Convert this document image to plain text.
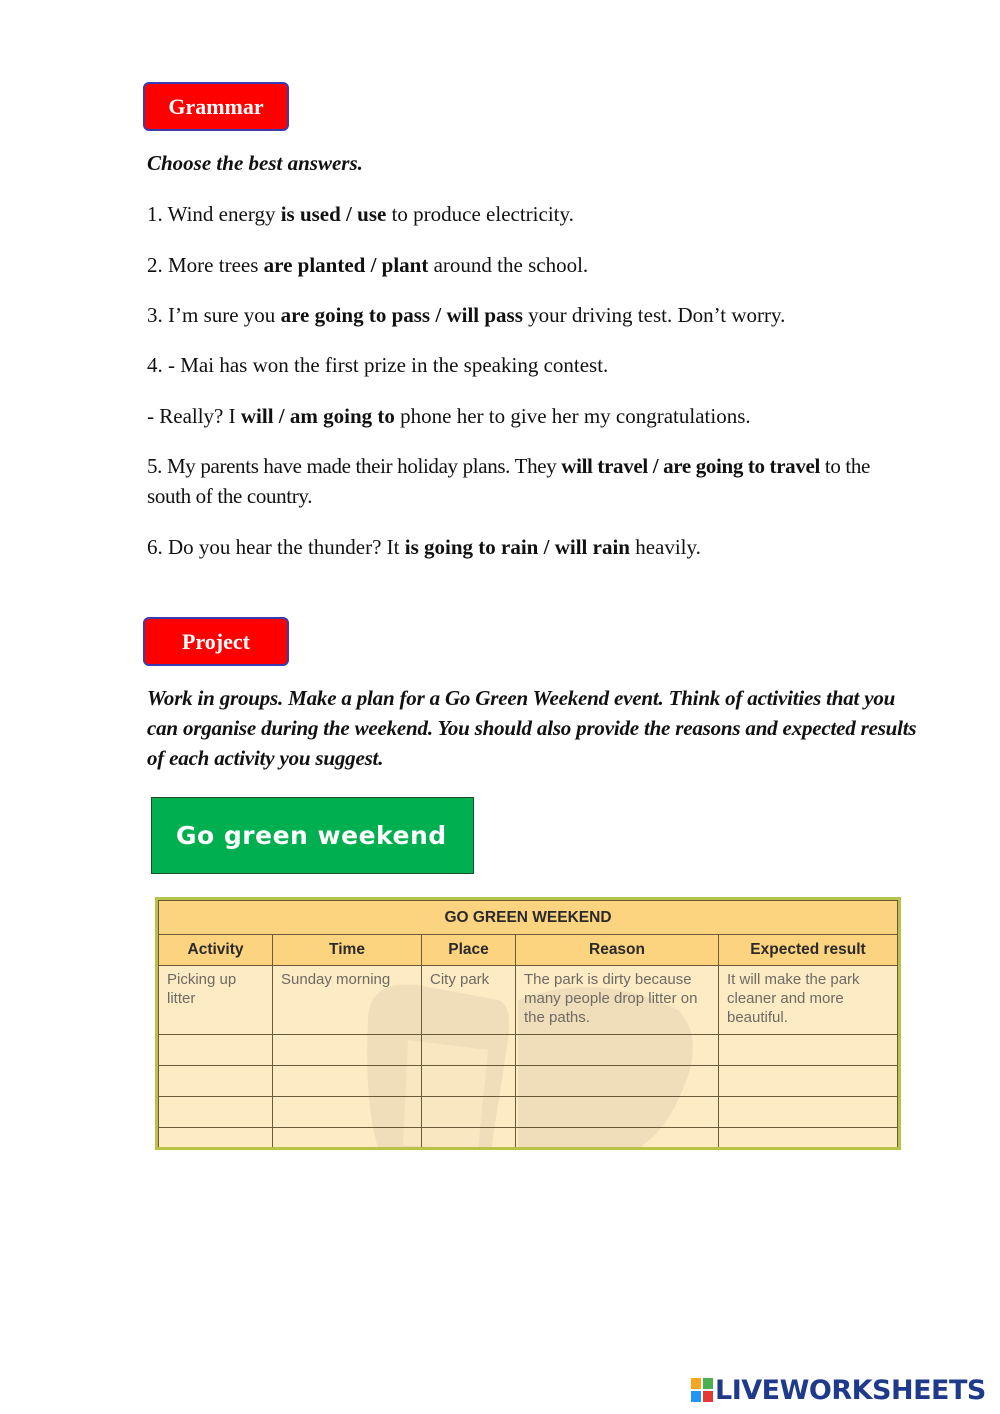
Grammar
Choose the best answers.
1. Wind energy is used / use to produce electricity.
2. More trees are planted / plant around the school.
3. I’m sure you are going to pass / will pass your driving test. Don’t worry.
4. - Mai has won the first prize in the speaking contest.
- Really? I will / am going to phone her to give her my congratulations.
5. My parents have made their holiday plans. They will travel / are going to travel to the south of the country.
6. Do you hear the thunder? It is going to rain / will rain heavily.
Project
Work in groups. Make a plan for a Go Green Weekend event. Think of activities that you can organise during the weekend. You should also provide the reasons and expected results of each activity you suggest.
Go green weekend
GO GREEN WEEKEND				
Activity	Time	Place	Reason	Expected result
Picking up litter	Sunday morning	City park	The park is dirty because many people drop litter on the paths.	It will make the park cleaner and more beautiful.

LIVEWORKSHEETS
